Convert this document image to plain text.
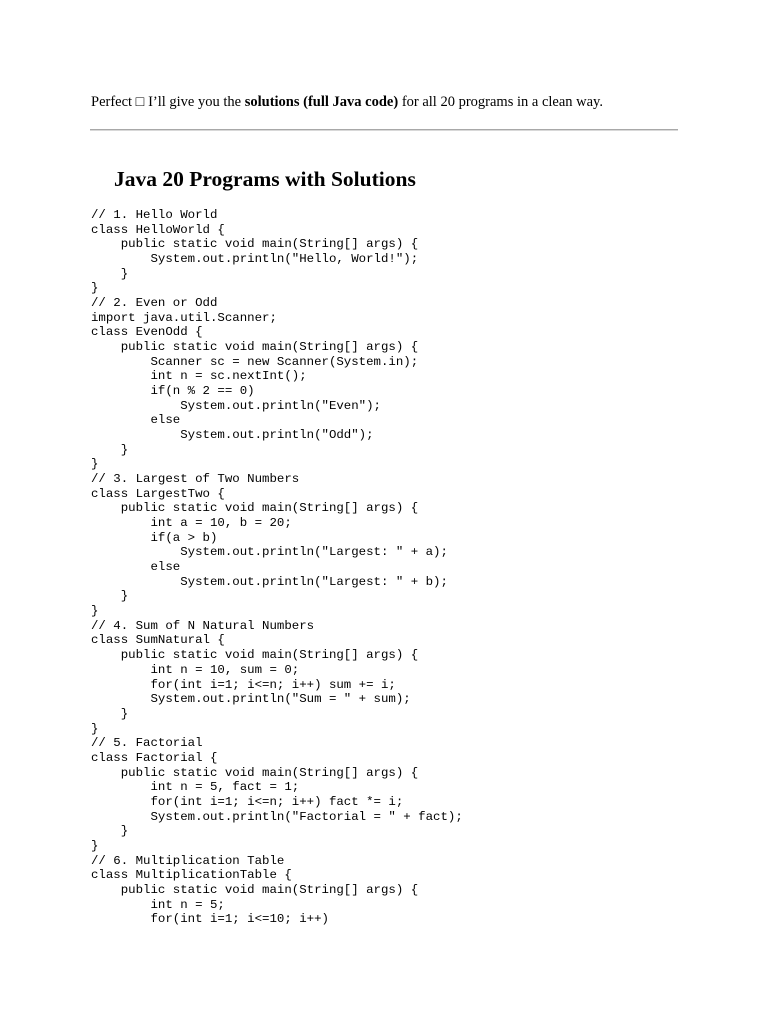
Perfect □ I’ll give you the solutions (full Java code) for all 20 programs in a clean way.
Java 20 Programs with Solutions
// 1. Hello World
class HelloWorld {
public static void main(String[] args) {
System.out.println("Hello, World!");
}
}
// 2. Even or Odd
import java.util.Scanner;
class EvenOdd {
public static void main(String[] args) {
Scanner sc = new Scanner(System.in);
int n = sc.nextInt();
if(n % 2 == 0)
System.out.println("Even");
else
System.out.println("Odd");
}
}
// 3. Largest of Two Numbers
class LargestTwo {
public static void main(String[] args) {
int a = 10, b = 20;
if(a > b)
System.out.println("Largest: " + a);
else
System.out.println("Largest: " + b);
}
}
// 4. Sum of N Natural Numbers
class SumNatural {
public static void main(String[] args) {
int n = 10, sum = 0;
for(int i=1; i<=n; i++) sum += i;
System.out.println("Sum = " + sum);
}
}
// 5. Factorial
class Factorial {
public static void main(String[] args) {
int n = 5, fact = 1;
for(int i=1; i<=n; i++) fact *= i;
System.out.println("Factorial = " + fact);
}
}
// 6. Multiplication Table
class MultiplicationTable {
public static void main(String[] args) {
int n = 5;
for(int i=1; i<=10; i++)
